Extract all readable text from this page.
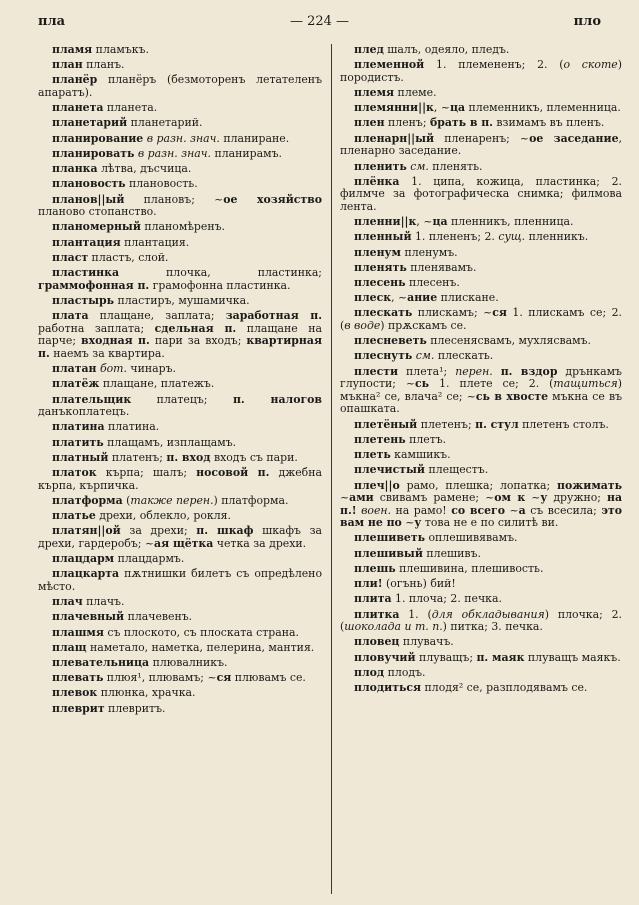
пла	— 224 —	пло
пламя пламъкъ.
план планъ.
планёр планёръ (безмоторенъ летателенъ апаратъ).
планета планета.
планетарий планетарий.
планирование в разн. знач. планиране.
планировать в разн. знач. планирамъ.
планка лѣтва, дъсчица.
плановость плановость.
планов||ый плановъ; ~ое хозяйство планово стопанство.
планомерный планомѣренъ.
плантация плантация.
пласт пластъ, слой.
пластинка плочка, пластинка; граммофонная п. грамофонна пластинка.
пластырь пластиръ, мушамичка.
плата плащане, заплата; заработная п. работна заплата; сдельная п. плащане на парче; входная п. пари за входъ; квартирная п. наемъ за квартира.
платан бот. чинаръ.
платёж плащане, платежъ.
плательщик платецъ; п. налогов данъкоплатецъ.
платина платина.
платить плащамъ, изплащамъ.
платный платенъ; п. вход входъ съ пари.
платок кърпа; шалъ; носовой п. джебна кърпа, кърпичка.
платформа (также перен.) платформа.
платье дрехи, облекло, рокля.
платян||ой за дрехи; п. шкаф шкафъ за дрехи, гардеробъ; ~ая щётка четка за дрехи.
плацдарм плацдармъ.
плацкарта пѫтнишки билетъ съ опредѣлено мѣсто.
плач плачъ.
плачевный плачевенъ.
плашмя съ плоското, съ плоската страна.
плащ наметало, наметка, пелерина, мантия.
плевательница плювалникъ.
плевать плюя¹, плювамъ; ~ся плювамъ се.
плевок плюнка, храчка.
плеврит плевритъ.
плед шалъ, одеяло, пледъ.
племенной 1. племененъ; 2. (о скоте) породистъ.
племя племе.
племянни||к, ~ца племенникъ, племенница.
плен пленъ; брать в п. взимамъ въ пленъ.
пленарн||ый пленаренъ; ~ое заседание, пленарно заседание.
пленить см. пленять.
плёнка 1. ципа, кожица, пластинка; 2. филмче за фотографическа снимка; филмова лента.
пленни||к, ~ца пленникъ, пленница.
пленный 1. плененъ; 2. сущ. пленникъ.
пленум пленумъ.
пленять пленявамъ.
плесень плесенъ.
плеск, ~ание плисканe.
плескать плискамъ; ~ся 1. плискамъ се; 2. (в воде) прѫскамъ се.
плесневеть плесенясвамъ, мухлясвамъ.
плеснуть см. плескать.
плести плета¹; перен. п. вздор дрънкамъ глупости; ~сь 1. плете се; 2. (тащиться) мъкна² се, влача² се; ~сь в хвосте мъкна се въ опашката.
плетёный плетенъ; п. стул плетенъ столъ.
плетень плетъ.
плеть камшикъ.
плечистый плещестъ.
плеч||о рамо, плешка; лопатка; пожимать ~ами свивамъ рамене; ~ом к ~у дружно; на п.! воен. на рамо! со всего ~а съ всесила; это вам не по ~у това не е по силитѣ ви.
плешиветь оплешивявамъ.
плешивый плешивъ.
плешь плешивина, плешивость.
пли! (огънь) бий!
плита 1. плоча; 2. печка.
плитка 1. (для обкладывания) плочка; 2. (шоколада и т. п.) питка; 3. печка.
пловец плувачъ.
пловучий плуващъ; п. маяк плуващъ маякъ.
плод плодъ.
плодиться плодя² се, разплодявамъ се.
